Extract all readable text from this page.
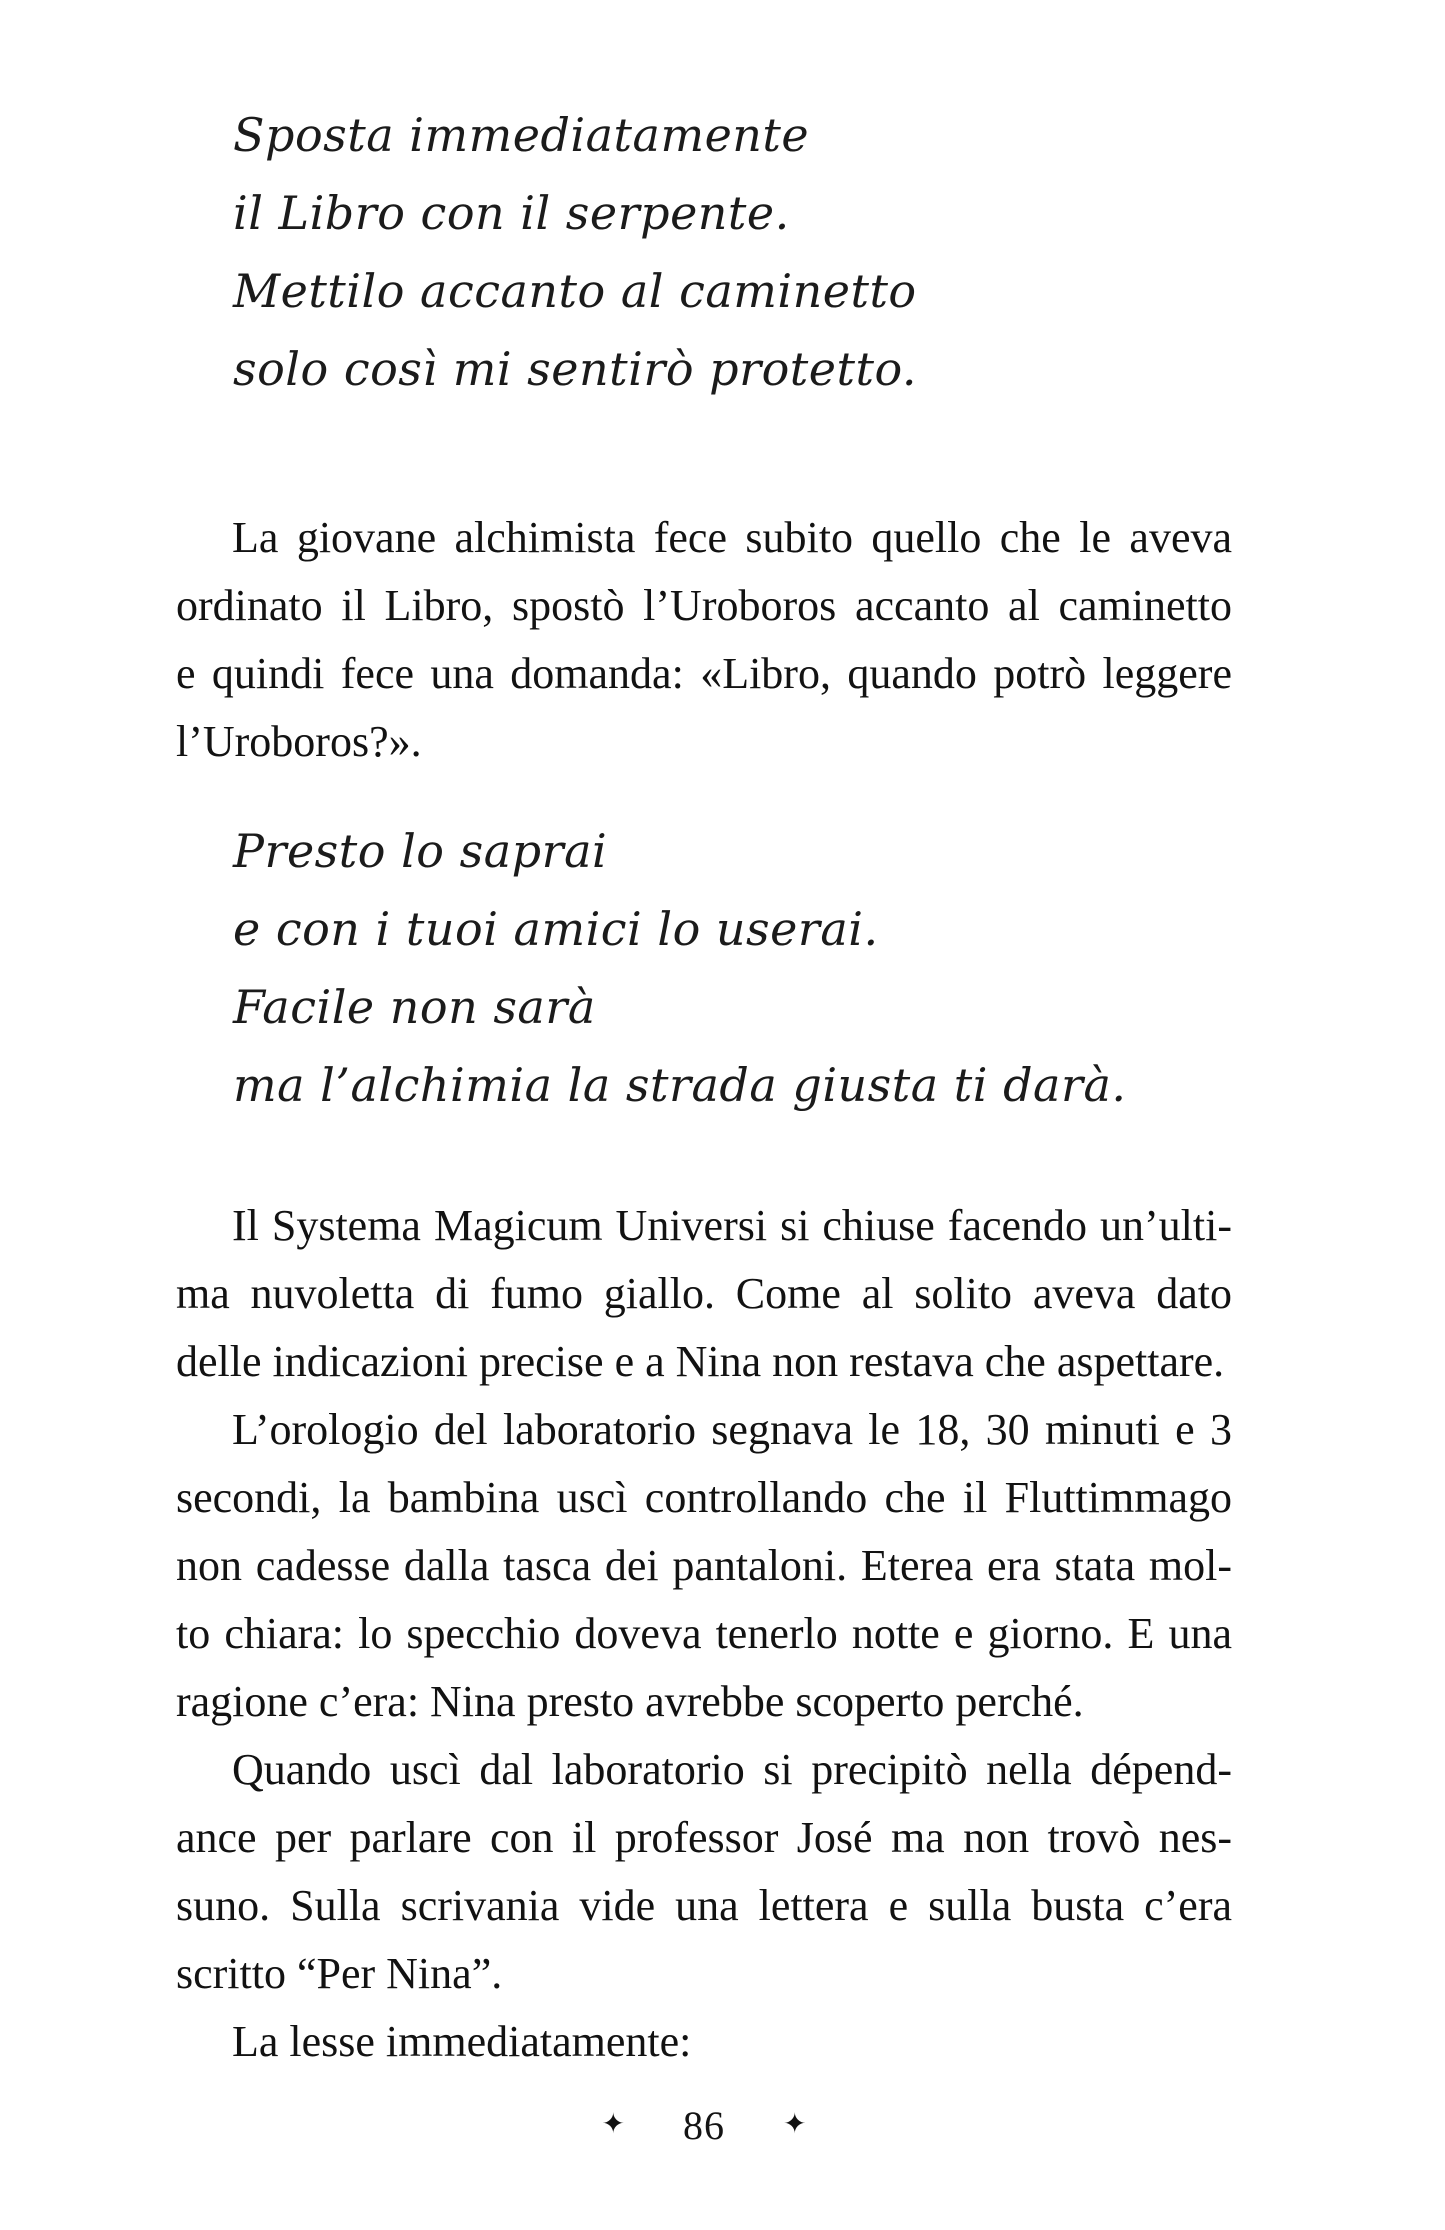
Sposta immediatamente
il Libro con il serpente.
Mettilo accanto al caminetto
solo così mi sentirò protetto.
La giovane alchimista fece subito quello che le aveva
ordinato il Libro, spostò l’Uroboros accanto al caminetto
e quindi fece una domanda: «Libro, quando potrò leggere
l’Uroboros?».
Presto lo saprai
e con i tuoi amici lo userai.
Facile non sarà
ma l’alchimia la strada giusta ti darà.
Il Systema Magicum Universi si chiuse facendo un’ulti-
ma nuvoletta di fumo giallo. Come al solito aveva dato
delle indicazioni precise e a Nina non restava che aspettare.
L’orologio del laboratorio segnava le 18, 30 minuti e 3
secondi, la bambina uscì controllando che il Fluttimmago
non cadesse dalla tasca dei pantaloni. Eterea era stata mol-
to chiara: lo specchio doveva tenerlo notte e giorno. E una
ragione c’era: Nina presto avrebbe scoperto perché.
Quando uscì dal laboratorio si precipitò nella dépend-
ance per parlare con il professor José ma non trovò nes-
suno. Sulla scrivania vide una lettera e sulla busta c’era
scritto “Per Nina”.
La lesse immediatamente:
✦ 86 ✦
